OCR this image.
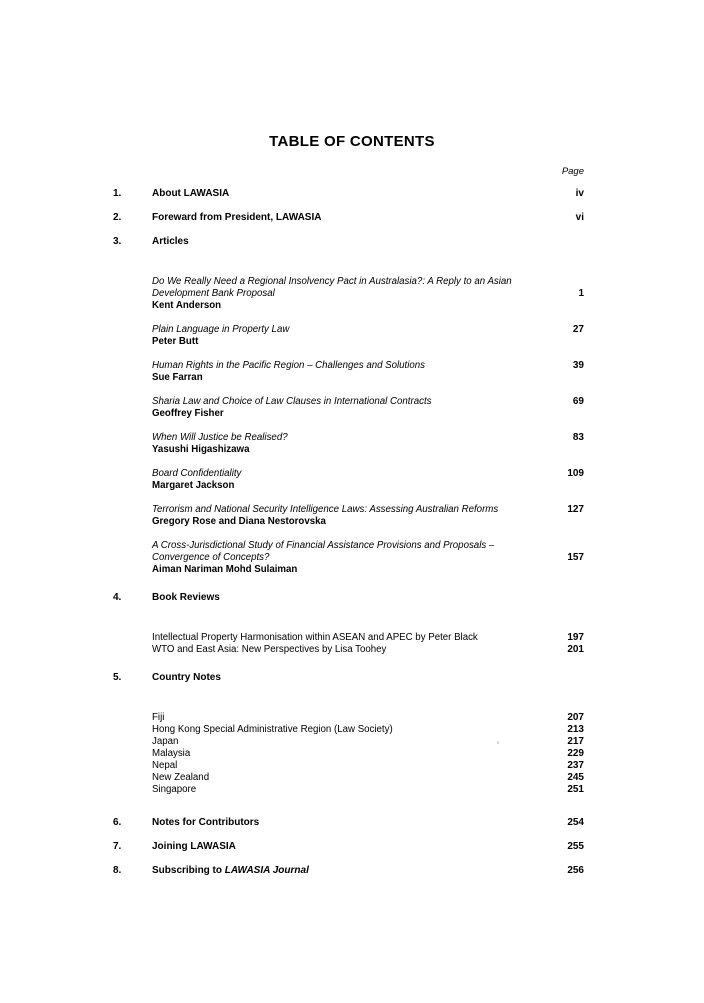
TABLE OF CONTENTS
Page
1.	About LAWASIA	iv
2.	Foreward from President, LAWASIA	vi
3.	Articles
Do We Really Need a Regional Insolvency Pact in Australasia?: A Reply to an Asian
Development Bank Proposal	1
Kent Anderson
Plain Language in Property Law	27
Peter Butt
Human Rights in the Pacific Region – Challenges and Solutions	39
Sue Farran
Sharia Law and Choice of Law Clauses in International Contracts	69
Geoffrey Fisher
When Will Justice be Realised?	83
Yasushi Higashizawa
Board Confidentiality	109
Margaret Jackson
Terrorism and National Security Intelligence Laws: Assessing Australian Reforms	127
Gregory Rose and Diana Nestorovska
A Cross-Jurisdictional Study of Financial Assistance Provisions and Proposals –
Convergence of Concepts?	157
Aiman Nariman Mohd Sulaiman
4.	Book Reviews
Intellectual Property Harmonisation within ASEAN and APEC by Peter Black	197
WTO and East Asia: New Perspectives by Lisa Toohey	201
5.	Country Notes
Fiji	207
Hong Kong Special Administrative Region (Law Society)	213
Japan	217
Malaysia	229
Nepal	237
New Zealand	245
Singapore	251
6.	Notes for Contributors	254
7.	Joining LAWASIA	255
8.	Subscribing to LAWASIA Journal	256
